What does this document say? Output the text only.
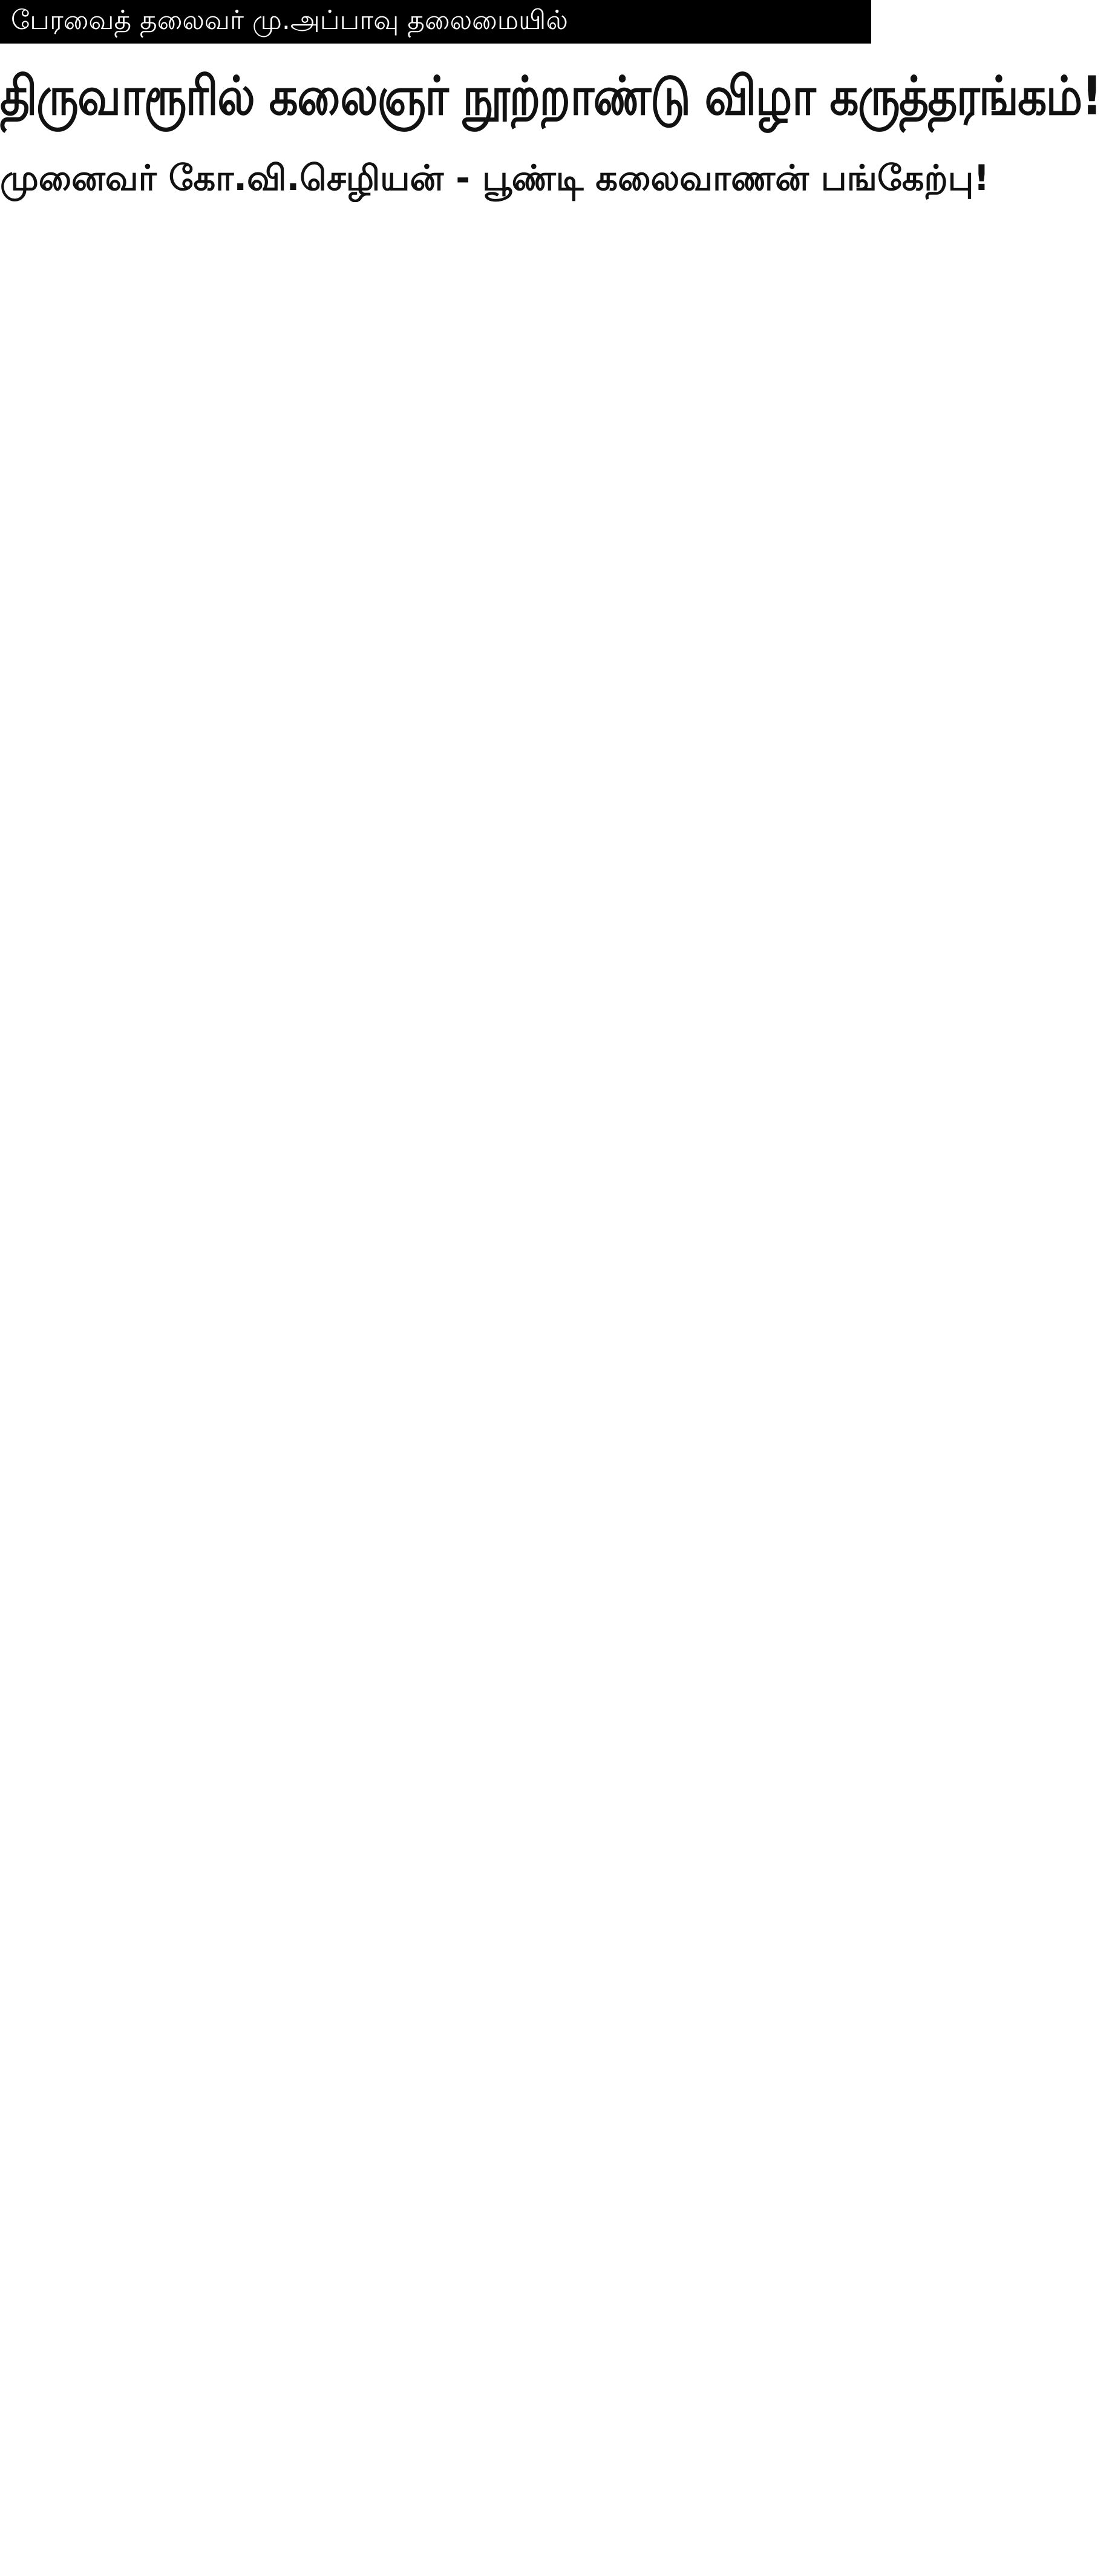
பேரவைத் தலைவர் மு.அப்பாவு தலைமையில்
திருவாரூரில் கலைஞர் நூற்றாண்டு விழா கருத்தரங்கம்!
முனைவர் கோ.வி.செழியன் - பூண்டி கலைவாணன் பங்கேற்பு!
